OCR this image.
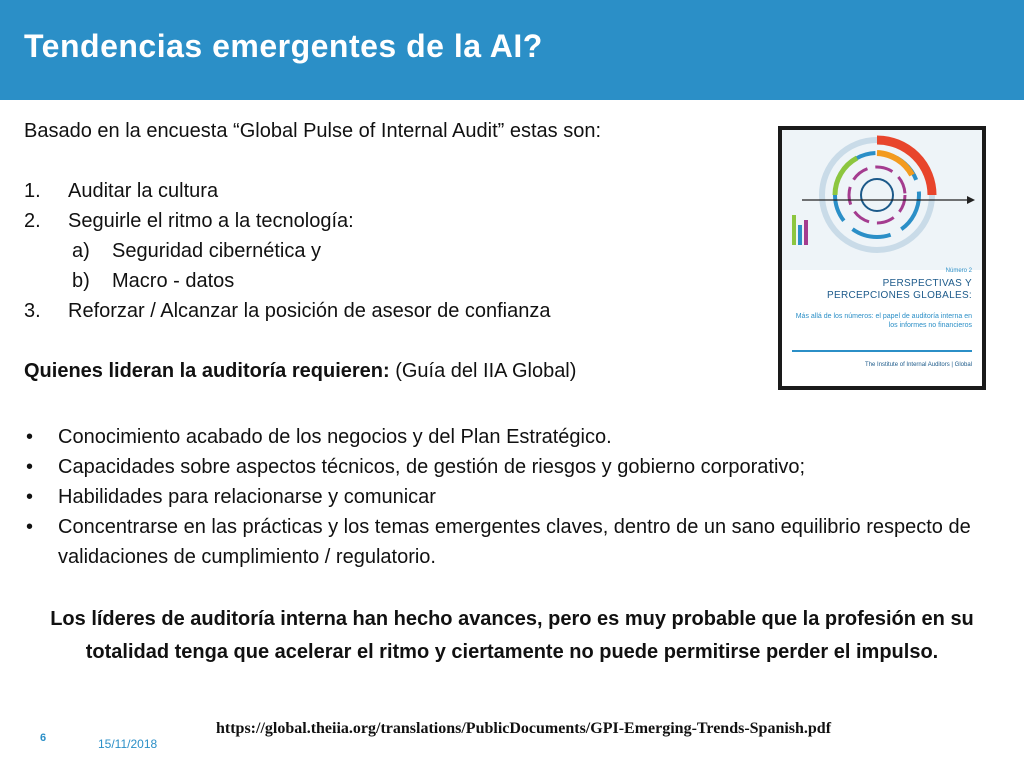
Tendencias emergentes de la AI?
Basado en la encuesta “Global Pulse of Internal Audit” estas son:
1. Auditar la cultura
2. Seguirle el ritmo a la tecnología:
a) Seguridad cibernética y
b) Macro - datos
3. Reforzar / Alcanzar la posición de asesor de confianza
Quienes lideran la auditoría requieren: (Guía del IIA Global)
• Conocimiento acabado de los negocios y del Plan Estratégico.
• Capacidades sobre aspectos técnicos, de gestión de riesgos y gobierno corporativo;
• Habilidades para relacionarse y comunicar
• Concentrarse en las prácticas y los temas emergentes claves, dentro de un sano equilibrio respecto de validaciones de cumplimiento / regulatorio.
Los líderes de auditoría interna han hecho avances, pero es muy probable que la profesión en su totalidad tenga que acelerar el ritmo y ciertamente no puede permitirse perder el impulso.
Número 2
PERSPECTIVAS Y
PERCEPCIONES GLOBALES:
Más allá de los números: el papel de auditoría interna en los informes no financieros
The Institute of Internal Auditors | Global
https://global.theiia.org/translations/PublicDocuments/GPI-Emerging-Trends-Spanish.pdf
6	15/11/2018
